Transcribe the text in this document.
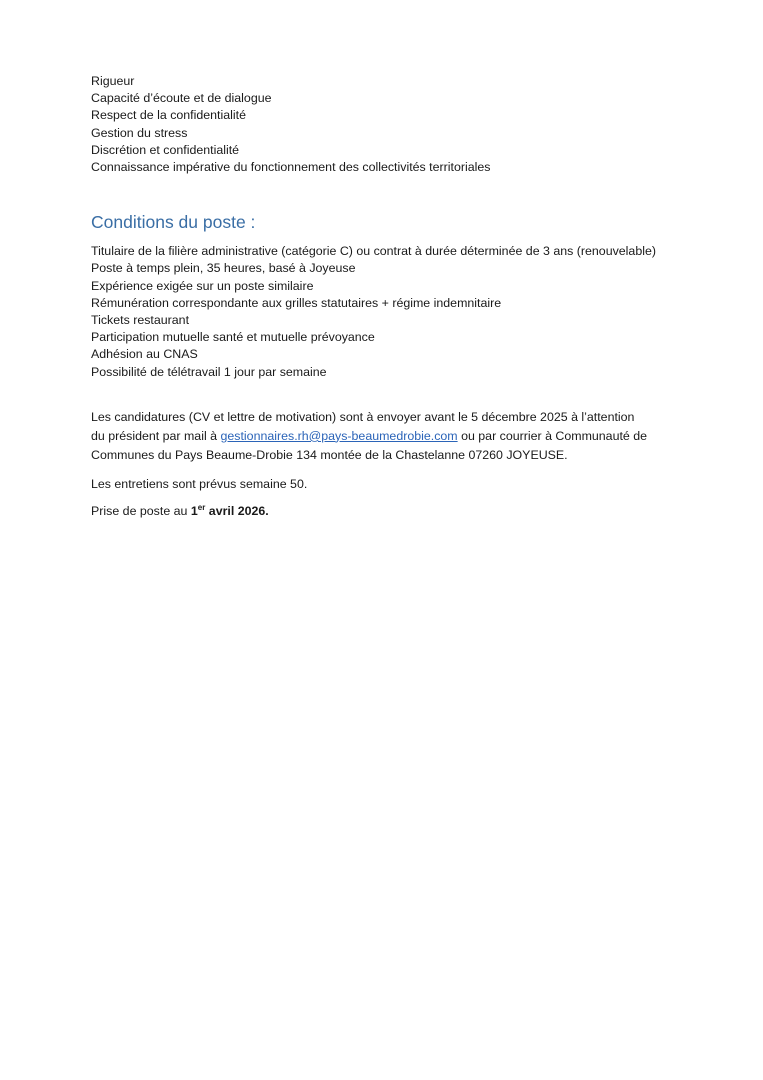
Rigueur
Capacité d’écoute et de dialogue
Respect de la confidentialité
Gestion du stress
Discrétion et confidentialité
Connaissance impérative du fonctionnement des collectivités territoriales
Conditions du poste :
Titulaire de la filière administrative (catégorie C) ou contrat à durée déterminée de 3 ans (renouvelable)
Poste à temps plein, 35 heures, basé à Joyeuse
Expérience exigée sur un poste similaire
Rémunération correspondante aux grilles statutaires + régime indemnitaire
Tickets restaurant
Participation mutuelle santé et mutuelle prévoyance
Adhésion au CNAS
Possibilité de télétravail 1 jour par semaine
Les candidatures (CV et lettre de motivation) sont à envoyer avant le 5 décembre 2025 à l’attention
du président par mail à gestionnaires.rh@pays-beaumedrobie.com ou par courrier à Communauté de
Communes du Pays Beaume-Drobie 134 montée de la Chastelanne 07260 JOYEUSE.
Les entretiens sont prévus semaine 50.
Prise de poste au 1er avril 2026.
